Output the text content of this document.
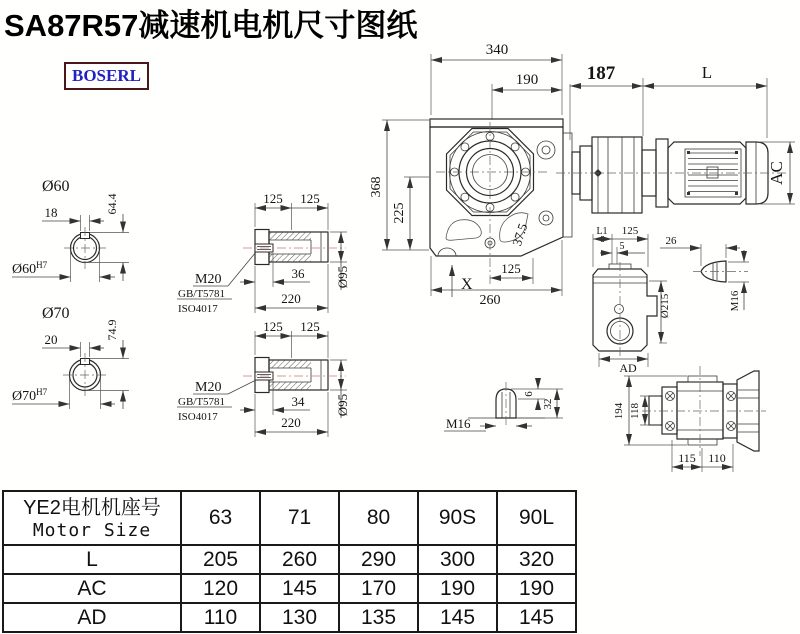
SA87R57减速机电机尺寸图纸
BOSERL
340
190	187	L
AC
368
225
37.5
125
260
X
Ø60
18	64.4
$Ø60^{H7}$
Ø70
20	74.9
$Ø70^{H7}$
125 125
36
220
Ø95
M20
GB/T5781
ISO4017
125 125
34
220
Ø95
M20
GB/T5781
ISO4017
L1 125
5
Ø215
AD
26
M16
M16
6
32	194 118
115 110
YE2电机机座号
Motor Size	63	71	80	90S	90L
L	205	260	290	300	320
AC	120	145	170	190	190
AD	110	130	135	145	145
